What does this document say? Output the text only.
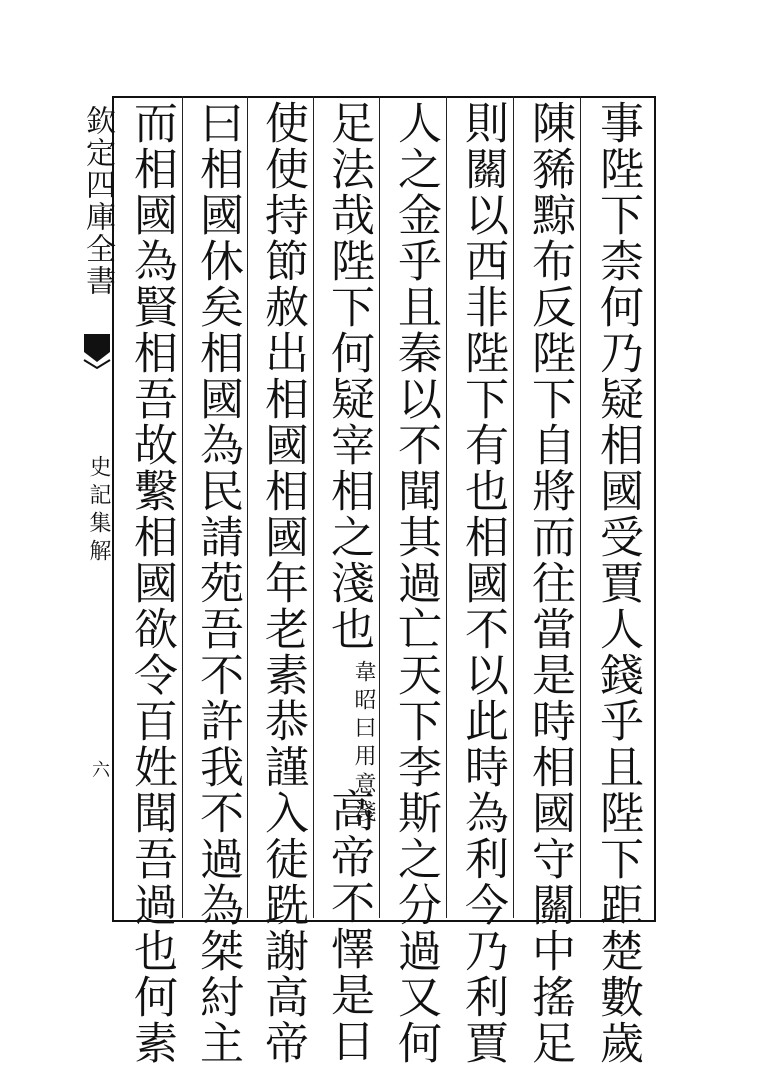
欽定四庫全書
史記集解
六	事陛下柰何乃疑相國受賈人錢乎且陛下距楚數歲
陳豨黥布反陛下自將而往當是時相國守關中搖足
則關以西非陛下有也相國不以此時為利今乃利賈
人之金乎且秦以不聞其過亡天下李斯之分過又何
足法哉陛下何疑宰相之淺也韋昭曰用意淺高帝不懌是日
使使持節赦出相國相國年老素恭謹入徒跣謝高帝
曰相國休矣相國為民請苑吾不許我不過為桀紂主
而相國為賢相吾故繫相國欲令百姓聞吾過也何素
